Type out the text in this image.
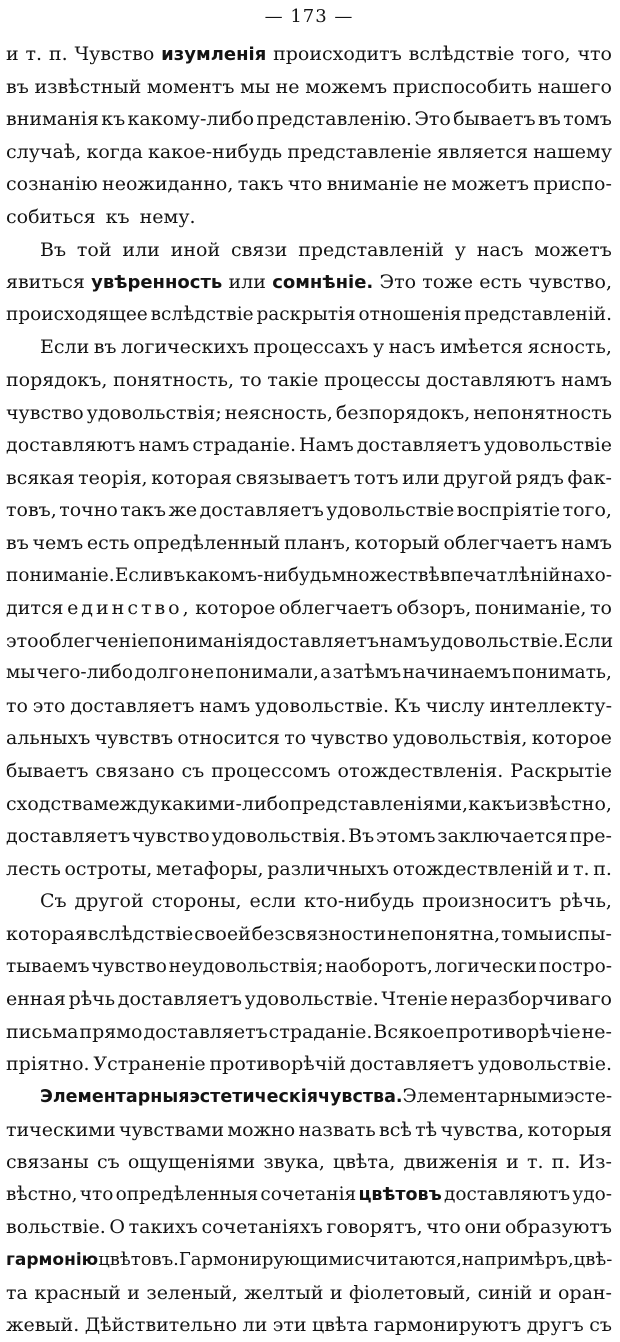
— 173 —
и т. п. Чувство изумленія происходитъ вслѣдствіе того, что
въ извѣстный моментъ мы не можемъ приспособить нашего
вниманія къ какому-либо представленію. Это бываетъ въ томъ
случаѣ, когда какое-нибудь представленіе является нашему
сознанію неожиданно, такъ что вниманіе не можетъ приспо-
собиться къ нему.
Въ той или иной связи представленій у насъ можетъ
явиться увѣренность или сомнѣніе. Это тоже есть чувство,
происходящее вслѣдствіе раскрытія отношенія представленій.
Если въ логическихъ процессахъ у насъ имѣется ясность,
порядокъ, понятность, то такіе процессы доставляютъ намъ
чувство удовольствія; неясность, безпорядокъ, непонятность
доставляютъ намъ страданіе. Намъ доставляетъ удовольствіе
всякая теорія, которая связываетъ тотъ или другой рядъ фак-
товъ, точно такъ же доставляетъ удовольствіе воспріятіе того,
въ чемъ есть опредѣленный планъ, который облегчаетъ намъ
пониманіе. Если въ какомъ-нибудь множествѣ впечатлѣній нахо-
дится единство, которое облегчаетъ обзоръ, пониманіе, то
это облегченіе пониманія доставляетъ намъ удовольствіе. Если
мы чего-либо долго не понимали, а затѣмъ начинаемъ понимать,
то это доставляетъ намъ удовольствіе. Къ числу интеллекту-
альныхъ чувствъ относится то чувство удовольствія, которое
бываетъ связано съ процессомъ отождествленія. Раскрытіе
сходства между какими-либо представленіями, какъ извѣстно,
доставляетъ чувство удовольствія. Въ этомъ заключается пре-
лесть остроты, метафоры, различныхъ отождествленій и т. п.
Съ другой стороны, если кто-нибудь произноситъ рѣчь,
которая вслѣдствіе своей безсвязности непонятна, то мы испы-
тываемъ чувство неудовольствія; наоборотъ, логически постро-
енная рѣчь доставляетъ удовольствіе. Чтеніе неразборчиваго
письма прямо доставляетъ страданіе. Всякое противорѣчіе не-
пріятно. Устраненіе противорѣчій доставляетъ удовольствіе.
Элементарныя эстетическія чувства. Элементарными эсте-
тическими чувствами можно назвать всѣ тѣ чувства, которыя
связаны съ ощущеніями звука, цвѣта, движенія и т. п. Из-
вѣстно, что опредѣленныя сочетанія цвѣтовъ доставляютъ удо-
вольствіе. О такихъ сочетаніяхъ говорятъ, что они образуютъ
гармонію цвѣтовъ. Гармонирующими считаются, напримѣръ, цвѣ-
та красный и зеленый, желтый и фіолетовый, синій и оран-
жевый. Дѣйствительно ли эти цвѣта гармонируютъ другъ съ
